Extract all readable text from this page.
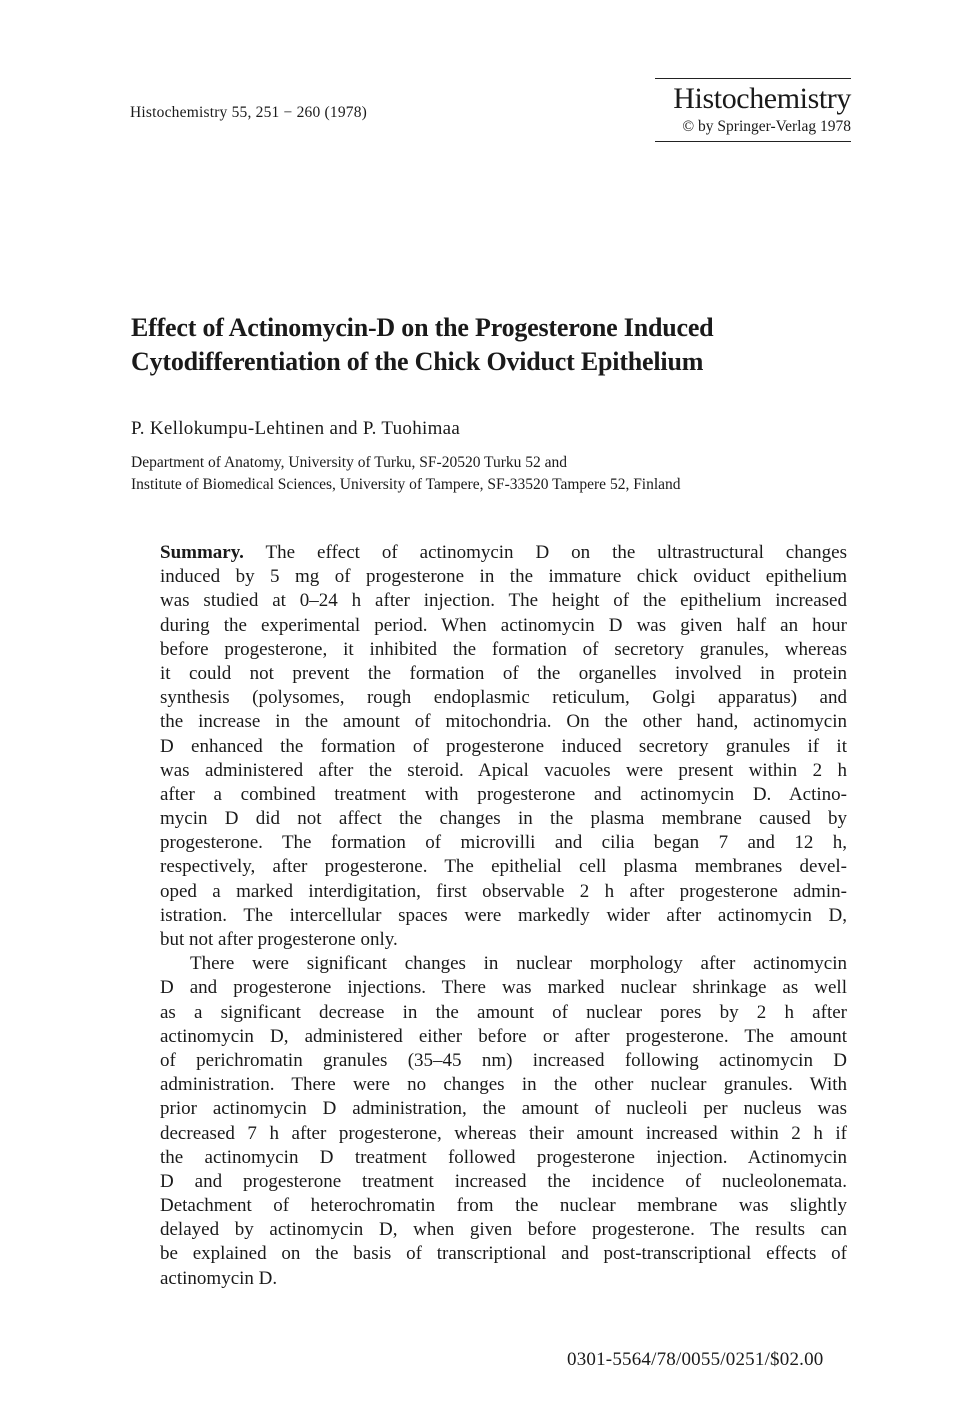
Histochemistry 55, 251 − 260 (1978)	Histochemistry
© by Springer-Verlag 1978
Effect of Actinomycin-D on the Progesterone Induced
Cytodifferentiation of the Chick Oviduct Epithelium
P. Kellokumpu-Lehtinen and P. Tuohimaa
Department of Anatomy, University of Turku, SF-20520 Turku 52 and
Institute of Biomedical Sciences, University of Tampere, SF-33520 Tampere 52, Finland
Summary. The effect of actinomycin D on the ultrastructural changes
induced by 5 mg of progesterone in the immature chick oviduct epithelium
was studied at 0–24 h after injection. The height of the epithelium increased
during the experimental period. When actinomycin D was given half an hour
before progesterone, it inhibited the formation of secretory granules, whereas
it could not prevent the formation of the organelles involved in protein
synthesis (polysomes, rough endoplasmic reticulum, Golgi apparatus) and
the increase in the amount of mitochondria. On the other hand, actinomycin
D enhanced the formation of progesterone induced secretory granules if it
was administered after the steroid. Apical vacuoles were present within 2 h
after a combined treatment with progesterone and actinomycin D. Actino-
mycin D did not affect the changes in the plasma membrane caused by
progesterone. The formation of microvilli and cilia began 7 and 12 h,
respectively, after progesterone. The epithelial cell plasma membranes devel-
oped a marked interdigitation, first observable 2 h after progesterone admin-
istration. The intercellular spaces were markedly wider after actinomycin D,
but not after progesterone only.
There were significant changes in nuclear morphology after actinomycin
D and progesterone injections. There was marked nuclear shrinkage as well
as a significant decrease in the amount of nuclear pores by 2 h after
actinomycin D, administered either before or after progesterone. The amount
of perichromatin granules (35–45 nm) increased following actinomycin D
administration. There were no changes in the other nuclear granules. With
prior actinomycin D administration, the amount of nucleoli per nucleus was
decreased 7 h after progesterone, whereas their amount increased within 2 h if
the actinomycin D treatment followed progesterone injection. Actinomycin
D and progesterone treatment increased the incidence of nucleolonemata.
Detachment of heterochromatin from the nuclear membrane was slightly
delayed by actinomycin D, when given before progesterone. The results can
be explained on the basis of transcriptional and post-transcriptional effects of
actinomycin D.
0301-5564/78/0055/0251/$02.00
